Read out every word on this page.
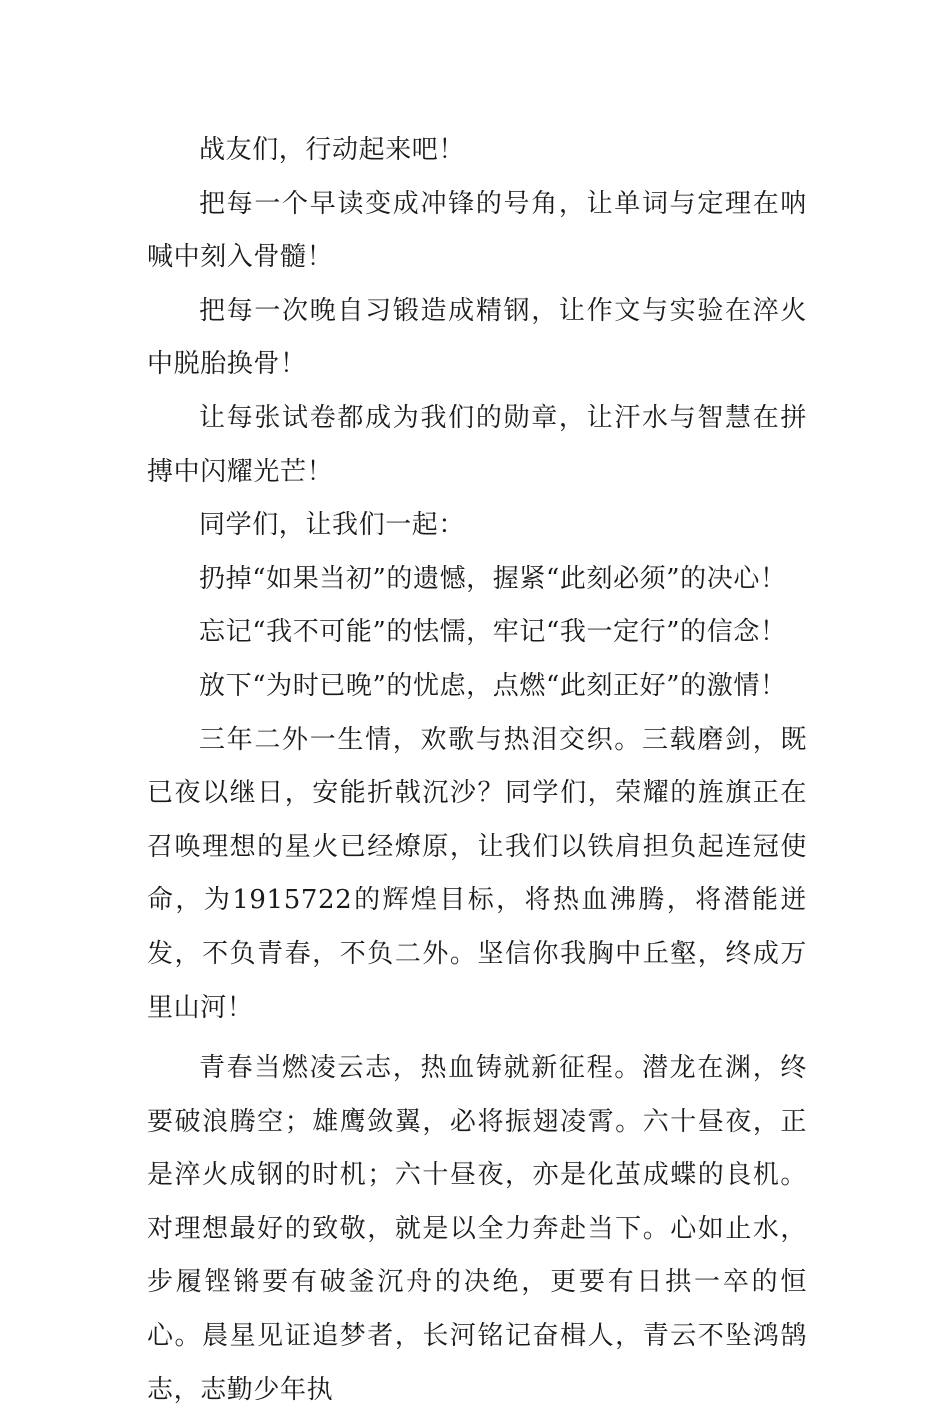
战友们，行动起来吧！

把每一个早读变成冲锋的号角，让单词与定理在呐喊中刻入骨髓！

把每一次晚自习锻造成精钢，让作文与实验在淬火中脱胎换骨！

让每张试卷都成为我们的勋章，让汗水与智慧在拼搏中闪耀光芒！

同学们，让我们一起：

扔掉“如果当初”的遗憾，握紧“此刻必须”的决心！

忘记“我不可能”的怯懦，牢记“我一定行”的信念！

放下“为时已晚”的忧虑，点燃“此刻正好”的激情！

三年二外一生情，欢歌与热泪交织。三载磨剑，既已夜以继日，安能折戟沉沙？同学们，荣耀的旌旗正在召唤理想的星火已经燎原，让我们以铁肩担负起连冠使命，为1915722的辉煌目标，将热血沸腾，将潜能迸发，不负青春，不负二外。坚信你我胸中丘壑，终成万里山河！

青春当燃凌云志，热血铸就新征程。潜龙在渊，终要破浪腾空；雄鹰敛翼，必将振翅凌霄。六十昼夜，正是淬火成钢的时机；六十昼夜，亦是化茧成蝶的良机。对理想最好的致敬，就是以全力奔赴当下。心如止水，步履铿锵要有破釜沉舟的决绝，更要有日拱一卒的恒心。晨星见证追梦者，长河铭记奋楫人，青云不坠鸿鹄志，志勤少年执
